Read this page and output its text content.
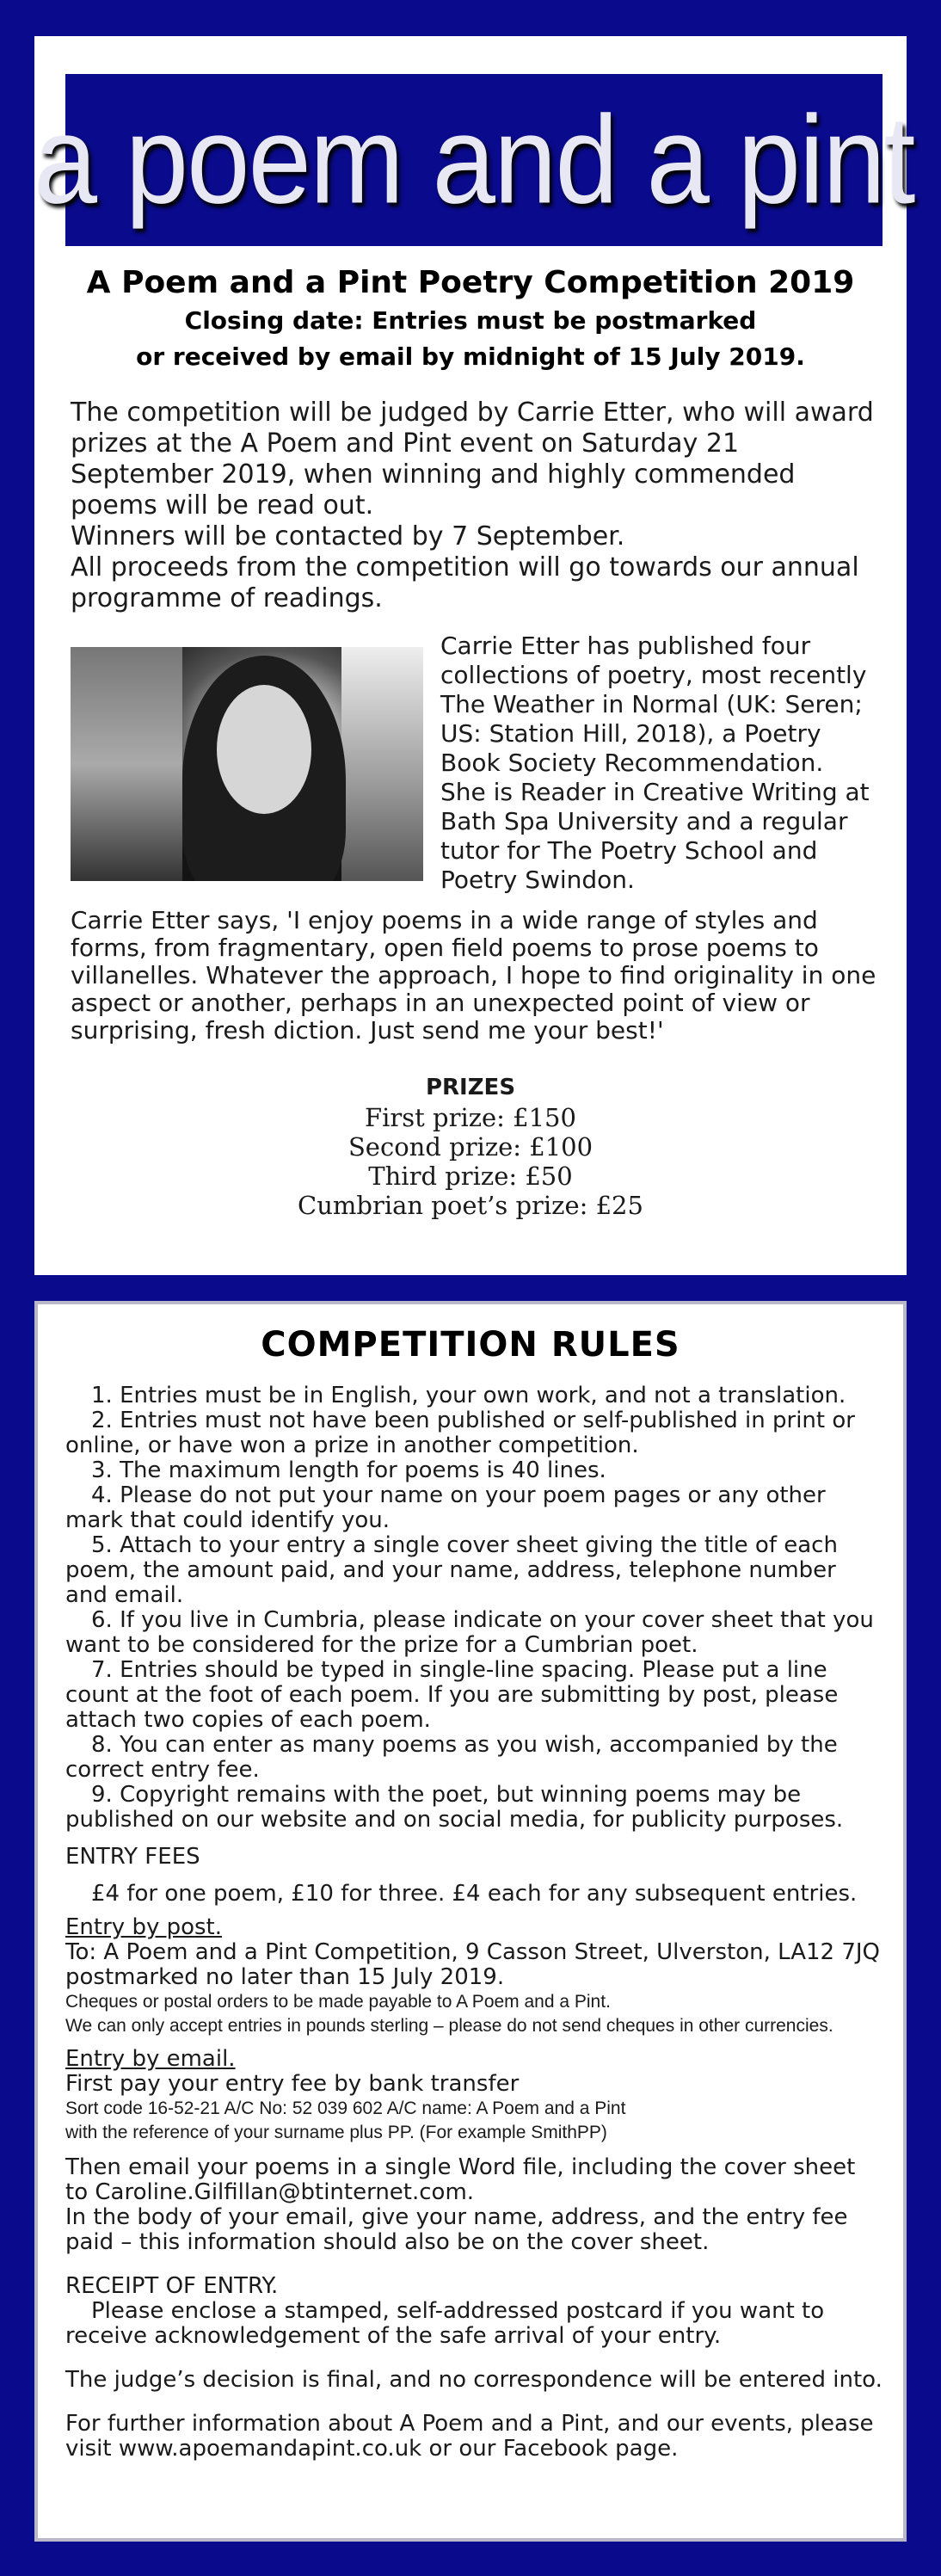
a poem and a pint
A Poem and a Pint Poetry Competition 2019
Closing date: Entries must be postmarked
or received by email by midnight of 15 July 2019.

The competition will be judged by Carrie Etter, who will award prizes at the A Poem and Pint event on Saturday 21 September 2019, when winning and highly commended poems will be read out.

Winners will be contacted by 7 September.

All proceeds from the competition will go towards our annual programme of readings.

Carrie Etter has published four collections of poetry, most recently The Weather in Normal (UK: Seren; US: Station Hill, 2018), a Poetry Book Society Recommendation.

She is Reader in Creative Writing at Bath Spa University and a regular tutor for The Poetry School and Poetry Swindon.

Carrie Etter says, 'I enjoy poems in a wide range of styles and forms, from fragmentary, open field poems to prose poems to villanelles. Whatever the approach, I hope to find originality in one aspect or another, perhaps in an unexpected point of view or surprising, fresh diction. Just send me your best!'
PRIZES
First prize: £150
Second prize: £100
Third prize: £50
Cumbrian poet’s prize: £25
COMPETITION RULES

1. Entries must be in English, your own work, and not a translation.

2. Entries must not have been published or self-published in print or online, or have won a prize in another competition.

3. The maximum length for poems is 40 lines.

4. Please do not put your name on your poem pages or any other mark that could identify you.

5. Attach to your entry a single cover sheet giving the title of each poem, the amount paid, and your name, address, telephone number and email.

6. If you live in Cumbria, please indicate on your cover sheet that you want to be considered for the prize for a Cumbrian poet.

7. Entries should be typed in single-line spacing. Please put a line count at the foot of each poem. If you are submitting by post, please attach two copies of each poem.

8. You can enter as many poems as you wish, accompanied by the correct entry fee.

9. Copyright remains with the poet, but winning poems may be published on our website and on social media, for publicity purposes.

ENTRY FEES

£4 for one poem, £10 for three. £4 each for any subsequent entries.

Entry by post.

To: A Poem and a Pint Competition, 9 Casson Street, Ulverston, LA12 7JQ

postmarked no later than 15 July 2019.

Cheques or postal orders to be made payable to A Poem and a Pint.

We can only accept entries in pounds sterling – please do not send cheques in other currencies.

Entry by email.

First pay your entry fee by bank transfer

Sort code 16-52-21 A/C No: 52 039 602 A/C name: A Poem and a Pint

with the reference of your surname plus PP. (For example SmithPP)

Then email your poems in a single Word file, including the cover sheet to Caroline.Gilfillan@btinternet.com.

In the body of your email, give your name, address, and the entry fee paid – this information should also be on the cover sheet.

RECEIPT OF ENTRY.

Please enclose a stamped, self-addressed postcard if you want to receive acknowledgement of the safe arrival of your entry.

The judge’s decision is final, and no correspondence will be entered into.

For further information about A Poem and a Pint, and our events, please visit www.apoemandapint.co.uk or our Facebook page.
